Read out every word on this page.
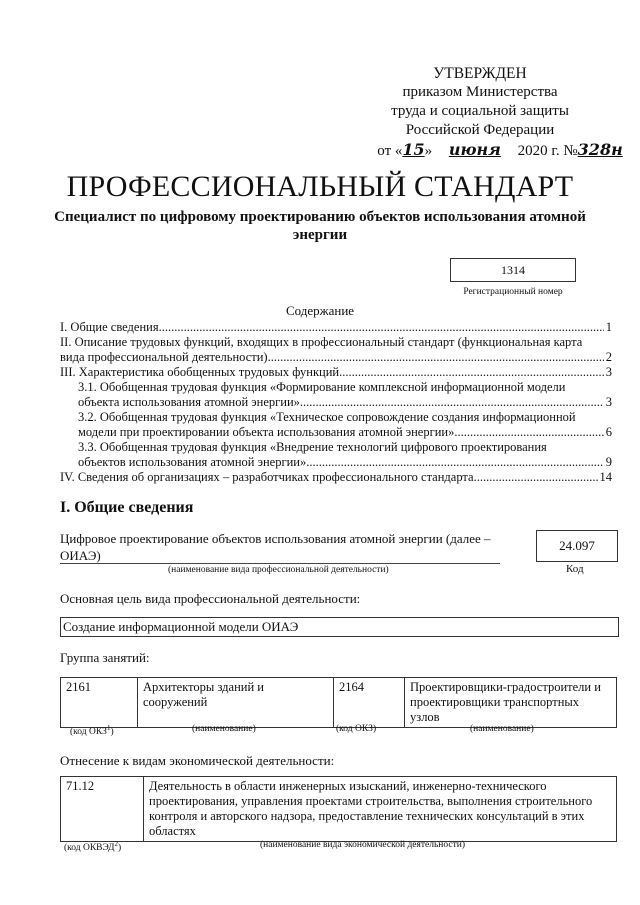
УТВЕРЖДЕН
приказом Министерства
труда и социальной защиты
Российской Федерации
от «15» июня 2020 г. №328н
ПРОФЕССИОНАЛЬНЫЙ СТАНДАРТ
Специалист по цифровому проектированию объектов использования атомной энергии
1314
Регистрационный номер
Содержание
I. Общие сведения .....	1
II. Описание трудовых функций, входящих в профессиональный стандарт (функциональная карта
вида профессиональной деятельности) .....	2
III. Характеристика обобщенных трудовых функций .....	3
3.1. Обобщенная трудовая функция «Формирование комплексной информационной модели
объекта использования атомной энергии» .....	3
3.2. Обобщенная трудовая функция «Техническое сопровождение создания информационной
модели при проектировании объекта использования атомной энергии» .....	6
3.3. Обобщенная трудовая функция «Внедрение технологий цифрового проектирования
объектов использования атомной энергии» .....	9
IV. Сведения об организациях – разработчиках профессионального стандарта .....	14
I. Общие сведения
Цифровое проектирование объектов использования атомной энергии (далее –
ОИАЭ)
(наименование вида профессиональной деятельности)
24.097
Код
Основная цель вида профессиональной деятельности:
Создание информационной модели ОИАЭ
Группа занятий:
2161	Архитекторы зданий и сооружений	2164	Проектировщики-градостроители и проектировщики транспортных узлов
(код ОКЗ$^1$)	(наименование)	(код ОКЗ)	(наименование)
Отнесение к видам экономической деятельности:
71.12	Деятельность в области инженерных изысканий, инженерно-технического проектирования, управления проектами строительства, выполнения строительного контроля и авторского надзора, предоставление технических консультаций в этих областях
(код ОКВЭД$^2$)	(наименование вида экономической деятельности)
